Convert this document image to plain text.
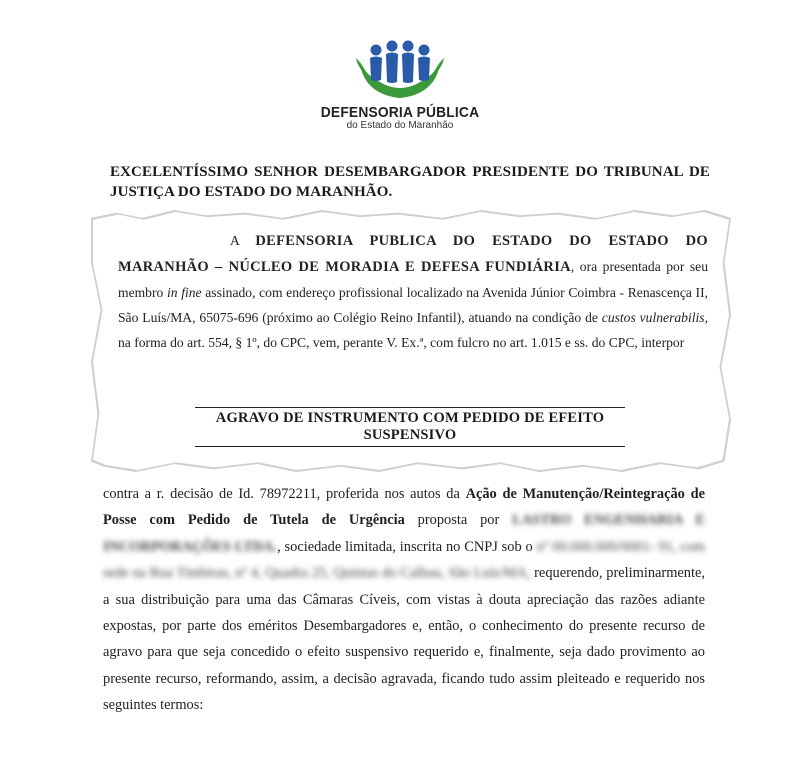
DEFENSORIA PÚBLICA
do Estado do Maranhão
EXCELENTÍSSIMO SENHOR DESEMBARGADOR PRESIDENTE DO TRIBUNAL DE JUSTIÇA DO ESTADO DO MARANHÃO.
A DEFENSORIA PUBLICA DO ESTADO DO ESTADO DO MARANHÃO – NÚCLEO DE MORADIA E DEFESA FUNDIÁRIA, ora presentada por seu membro in fine assinado, com endereço profissional localizado na Avenida Júnior Coimbra - Renascença II, São Luís/MA, 65075-696 (próximo ao Colégio Reino Infantil), atuando na condição de custos vulnerabilis, na forma do art. 554, § 1º, do CPC, vem, perante V. Ex.ª, com fulcro no art. 1.015 e ss. do CPC, interpor
AGRAVO DE INSTRUMENTO COM PEDIDO DE EFEITO
SUSPENSIVO
contra a r. decisão de Id. 78972211, proferida nos autos da Ação de Manutenção/Reintegração de Posse com Pedido de Tutela de Urgência proposta por LASTRO ENGENHARIA E INCORPORAÇÕES LTDA., sociedade limitada, inscrita no CNPJ sob o nº 00.000.000/0001- 91, com sede na Rua Timbiras, nº 4, Quadra 25, Quintas do Calhau, São Luís/MA, requerendo, preliminarmente, a sua distribuição para uma das Câmaras Cíveis, com vistas à douta apreciação das razões adiante expostas, por parte dos eméritos Desembargadores e, então, o conhecimento do presente recurso de agravo para que seja concedido o efeito suspensivo requerido e, finalmente, seja dado provimento ao presente recurso, reformando, assim, a decisão agravada, ficando tudo assim pleiteado e requerido nos seguintes termos:
